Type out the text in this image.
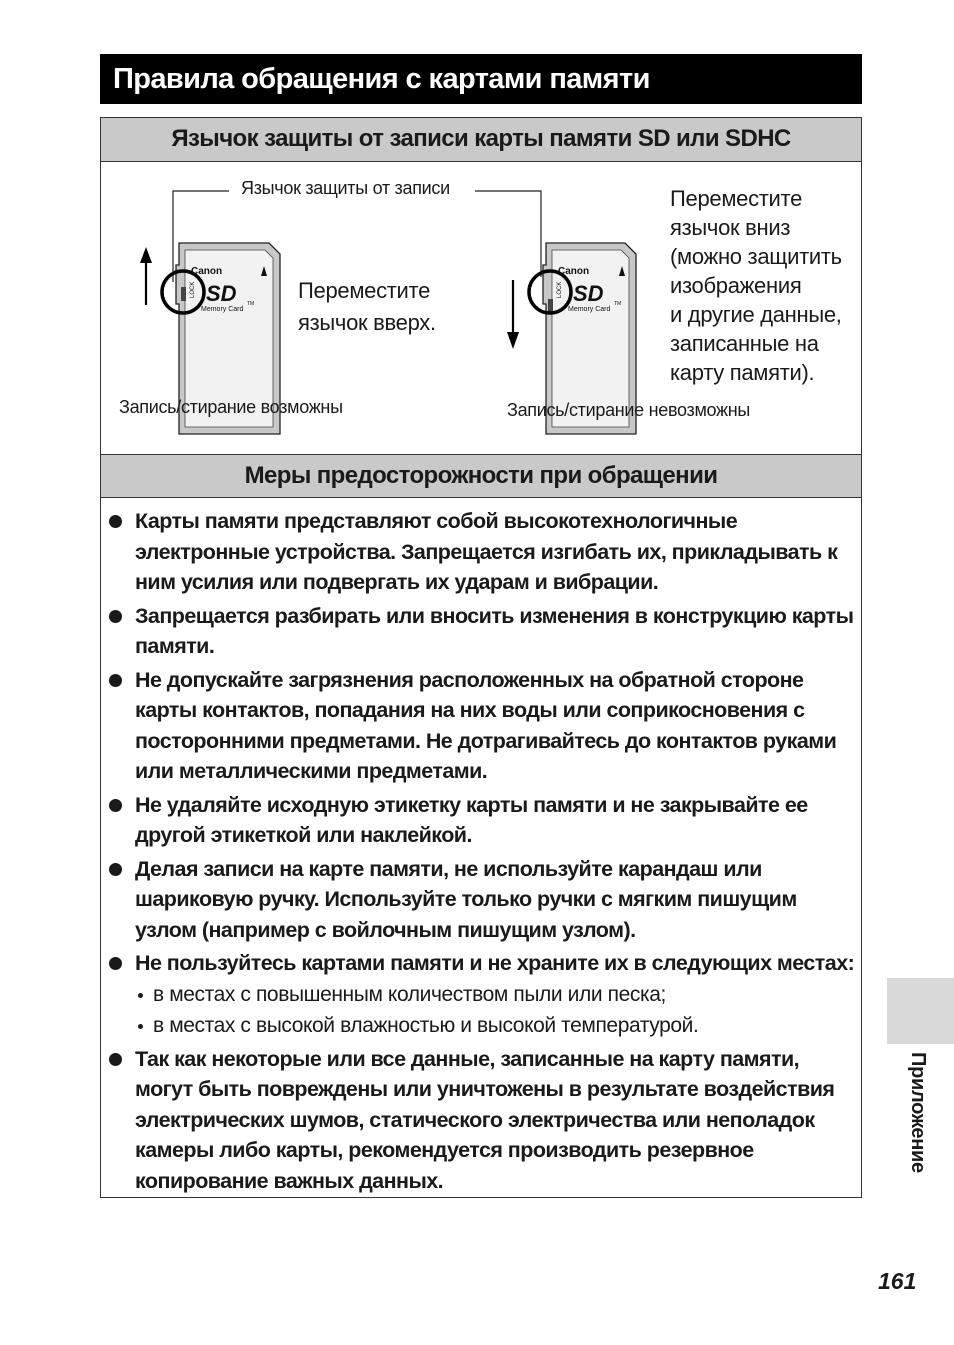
Правила обращения с картами памяти
Язычок защиты от записи карты памяти SD или SDHC
Canon
SD
Memory Card
TM
LOCK
Canon
SD
Memory Card
TM
LOCK
Язычок защиты от записи
Переместите
язычок вверх.
Переместите
язычок вниз
(можно защитить
изображения
и другие данные,
записанные на
карту памяти).
Запись/стирание возможны	Запись/стирание невозможны
Меры предосторожности при обращении
Карты памяти представляют собой высокотехнологичные электронные устройства. Запрещается изгибать их, прикладывать к ним усилия или подвергать их ударам и вибрации.
Запрещается разбирать или вносить изменения в конструкцию карты памяти.
Не допускайте загрязнения расположенных на обратной стороне карты контактов, попадания на них воды или соприкосновения с посторонними предметами. Не дотрагивайтесь до контактов руками или металлическими предметами.
Не удаляйте исходную этикетку карты памяти и не закрывайте ее другой этикеткой или наклейкой.
Делая записи на карте памяти, не используйте карандаш или шариковую ручку. Используйте только ручки с мягким пишущим узлом (например с войлочным пишущим узлом).
Не пользуйтесь картами памяти и не храните их в следующих местах:
в местах с повышенным количеством пыли или песка;
в местах с высокой влажностью и высокой температурой.
Так как некоторые или все данные, записанные на карту памяти, могут быть повреждены или уничтожены в результате воздействия электрических шумов, статического электричества или неполадок камеры либо карты, рекомендуется производить резервное копирование важных данных.
Приложение
161
